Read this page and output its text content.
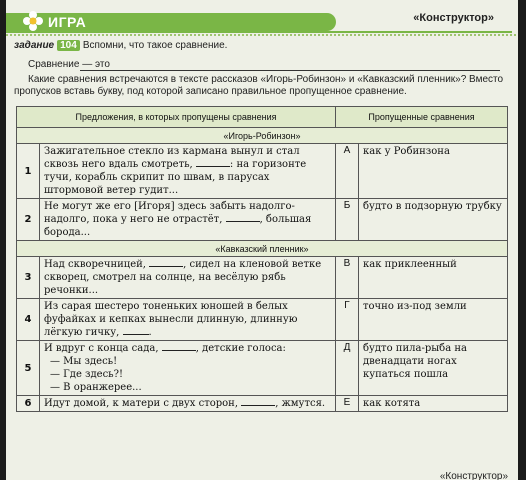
ИГРА	«Конструктор»
задание 104 Вспомни, что такое сравнение.
Сравнение — это
Какие сравнения встречаются в тексте рассказов «Игорь-Робинзон» и «Кавказский пленник»? Вместо пропусков вставь букву, под которой записано правильное пропущенное сравнение.
Предложения, в которых пропущены сравнения		Пропущенные сравнения	
«Игорь-Робинзон»			
1	Зажигательное стекло из кармана вынул и стал сквозь него вдаль смотреть, : на горизонте тучи, корабль скрипит по швам, в парусах штормовой ветер гудит...	А	как у Робинзона
2	Не могут же его [Игоря] здесь забыть надолго-надолго, пока у него не отрастёт, , большая борода...	Б	будто в подзорную трубку
«Кавказский пленник»			
3	Над скворечницей, , сидел на кленовой ветке скворец, смотрел на солнце, на весёлую рябь речонки...	В	как приклеенный
4	Из сарая шестеро тоненьких юношей в белых фуфайках и кепках вынесли длинную, длинную лёгкую гичку, .	Г	точно из-под земли
5	И вдруг с конца сада, , детские голоса:
— Мы здесь!
— Где здесь?!
— В оранжерее...	Д	будто пила-рыба на двенадцати ногах купаться пошла
6	Идут домой, к матери с двух сторон, , жмутся.	Е	как котята
«Конструктор»
